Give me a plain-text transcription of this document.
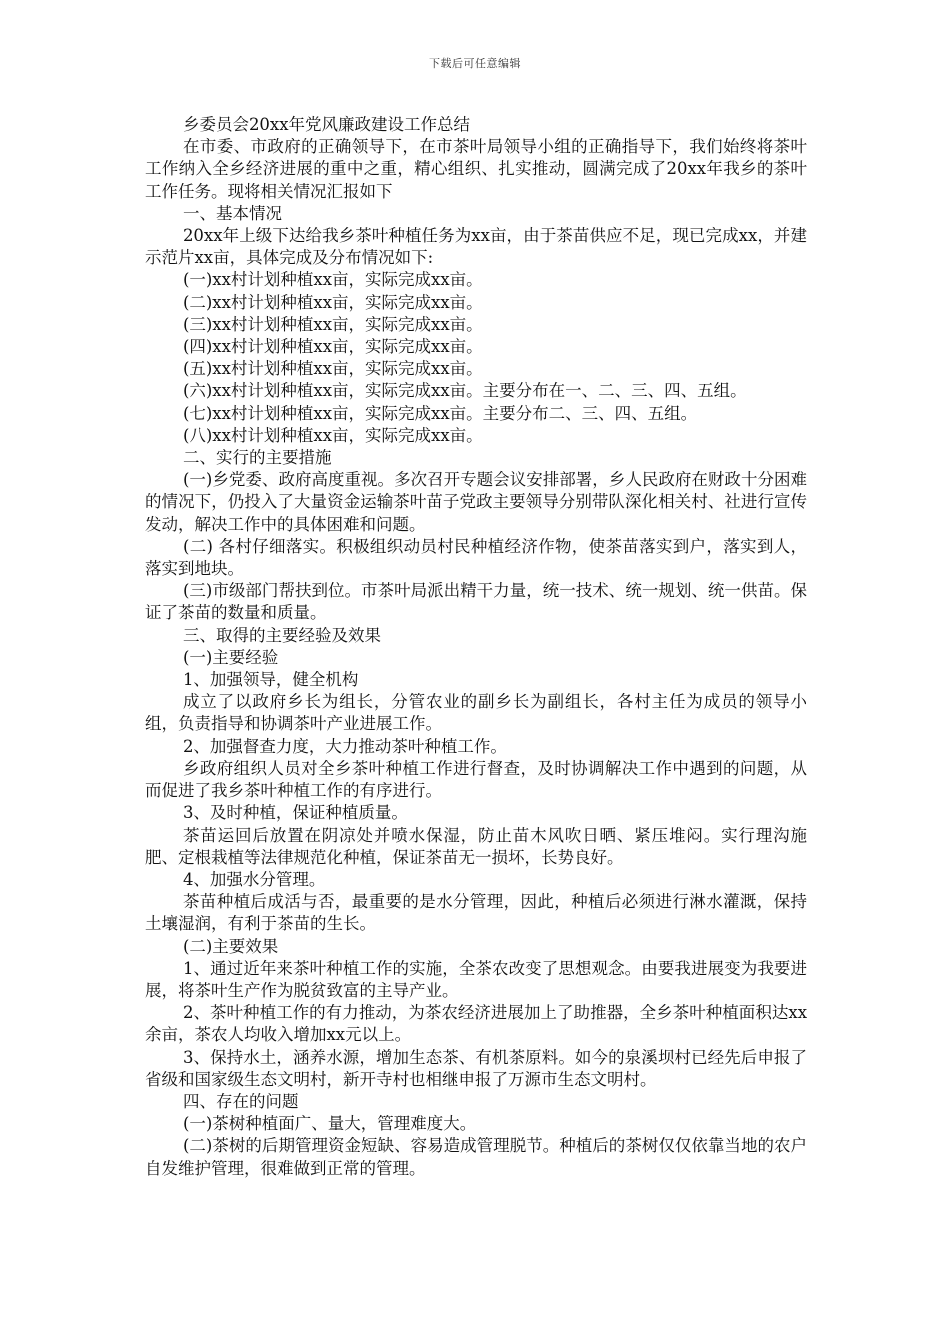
下载后可任意编辑

乡委员会20xx年党风廉政建设工作总结

在市委、市政府的正确领导下，在市茶叶局领导小组的正确指导下，我们始终将茶叶工作纳入全乡经济进展的重中之重，精心组织、扎实推动，圆满完成了20xx年我乡的茶叶工作任务。现将相关情况汇报如下

一、基本情况

20xx年上级下达给我乡茶叶种植任务为xx亩，由于茶苗供应不足，现已完成xx，并建示范片xx亩，具体完成及分布情况如下:

(一)xx村计划种植xx亩，实际完成xx亩。

(二)xx村计划种植xx亩，实际完成xx亩。

(三)xx村计划种植xx亩，实际完成xx亩。

(四)xx村计划种植xx亩，实际完成xx亩。

(五)xx村计划种植xx亩，实际完成xx亩。

(六)xx村计划种植xx亩，实际完成xx亩。主要分布在一、二、三、四、五组。

(七)xx村计划种植xx亩，实际完成xx亩。主要分布二、三、四、五组。

(八)xx村计划种植xx亩，实际完成xx亩。

二、实行的主要措施

(一)乡党委、政府高度重视。多次召开专题会议安排部署，乡人民政府在财政十分困难的情况下，仍投入了大量资金运输茶叶苗子党政主要领导分别带队深化相关村、社进行宣传发动，解决工作中的具体困难和问题。

(二) 各村仔细落实。积极组织动员村民种植经济作物，使茶苗落实到户，落实到人，落实到地块。

(三)市级部门帮扶到位。市茶叶局派出精干力量，统一技术、统一规划、统一供苗。保证了茶苗的数量和质量。

三、取得的主要经验及效果

(一)主要经验

1、加强领导，健全机构

成立了以政府乡长为组长，分管农业的副乡长为副组长，各村主任为成员的领导小组，负责指导和协调茶叶产业进展工作。

2、加强督查力度，大力推动茶叶种植工作。

乡政府组织人员对全乡茶叶种植工作进行督查，及时协调解决工作中遇到的问题，从而促进了我乡茶叶种植工作的有序进行。

3、及时种植，保证种植质量。

茶苗运回后放置在阴凉处并喷水保湿，防止苗木风吹日晒、紧压堆闷。实行理沟施肥、定根栽植等法律规范化种植，保证茶苗无一损坏，长势良好。

4、加强水分管理。

茶苗种植后成活与否，最重要的是水分管理，因此，种植后必须进行淋水灌溉，保持土壤湿润，有利于茶苗的生长。

(二)主要效果

1、通过近年来茶叶种植工作的实施，全茶农改变了思想观念。由要我进展变为我要进展，将茶叶生产作为脱贫致富的主导产业。

2、茶叶种植工作的有力推动，为茶农经济进展加上了助推器，全乡茶叶种植面积达xx余亩，茶农人均收入增加xx元以上。

3、保持水土，涵养水源，增加生态茶、有机茶原料。如今的泉溪坝村已经先后申报了省级和国家级生态文明村，新开寺村也相继申报了万源市生态文明村。

四、存在的问题

(一)茶树种植面广、量大，管理难度大。

(二)茶树的后期管理资金短缺、容易造成管理脱节。种植后的茶树仅仅依靠当地的农户自发维护管理，很难做到正常的管理。
